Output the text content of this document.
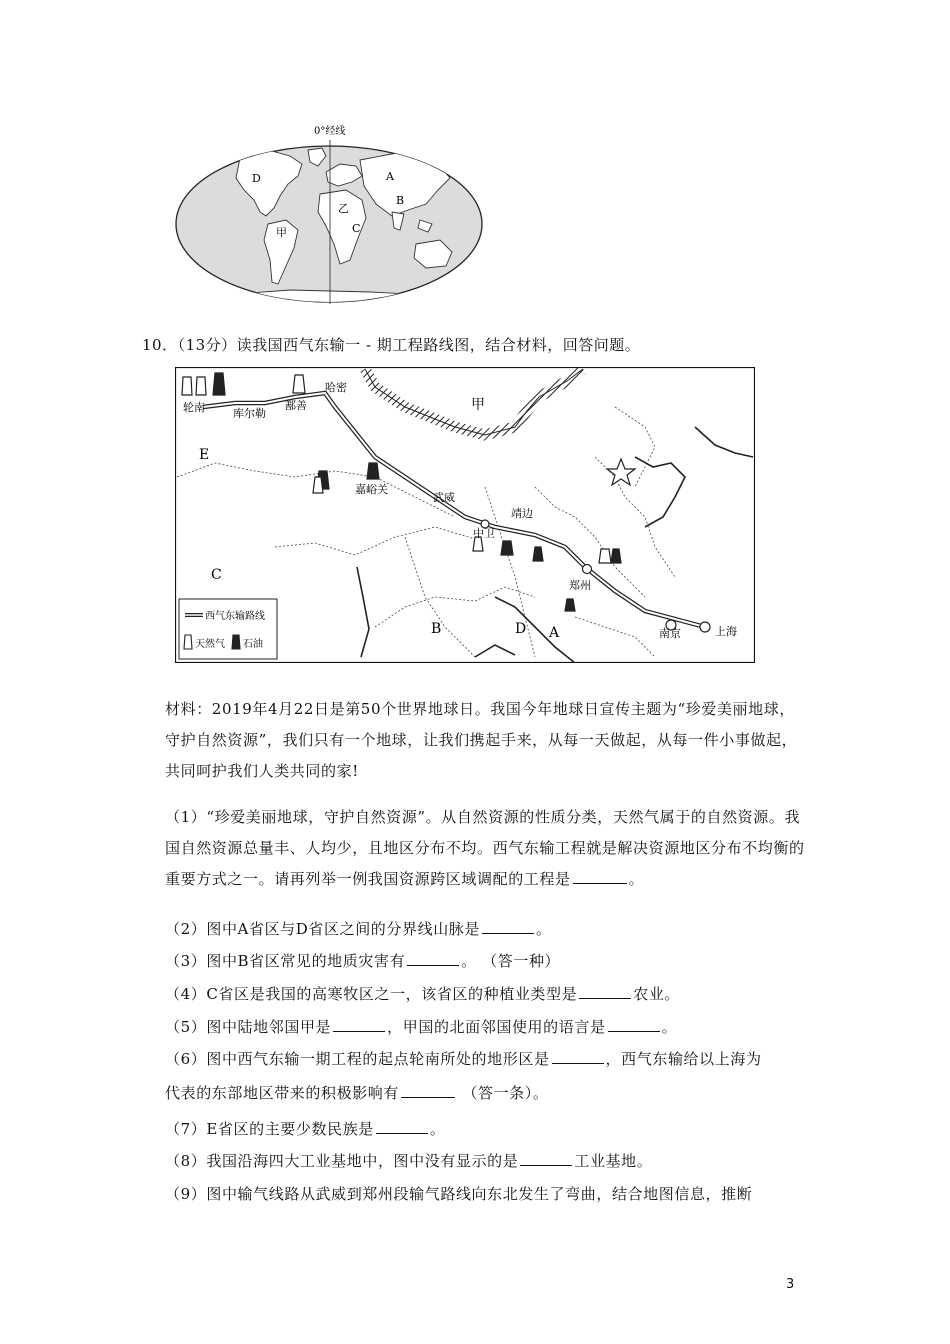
0°经线
D	A
B
乙
C
甲
10．（13分）读我国西气东输一 - 期工程路线图，结合材料，回答问题。
轮南	库尔勒
鄯善
哈密
嘉峪关
武威
中卫
靖边
郑州
南京	上海
甲
E
C
B	D A
西气东输路线
天然气 石油
材料：2019年4月22日是第50个世界地球日。我国今年地球日宣传主题为“珍爱美丽地球，守护自然资源”，我们只有一个地球，让我们携起手来，从每一天做起，从每一件小事做起，共同呵护我们人类共同的家!
（1）“珍爱美丽地球，守护自然资源”。从自然资源的性质分类，天然气属于的自然资源。我国自然资源总量丰、人均少，且地区分布不均。西气东输工程就是解决资源地区分布不均衡的重要方式之一。请再列举一例我国资源跨区域调配的工程是	。
（2）图中A省区与D省区之间的分界线山脉是	。
（3）图中B省区常见的地质灾害有	。 （答一种）
（4）C省区是我国的高寒牧区之一，该省区的种植业类型是	农业。
（5）图中陆地邻国甲是	，甲国的北面邻国使用的语言是	。
（6）图中西气东输一期工程的起点轮南所处的地形区是	，西气东输给以上海为
代表的东部地区带来的积极影响有	（答一条）。
（7）E省区的主要少数民族是	。
（8）我国沿海四大工业基地中，图中没有显示的是	工业基地。
（9）图中输气线路从武威到郑州段输气路线向东北发生了弯曲，结合地图信息，推断
3
